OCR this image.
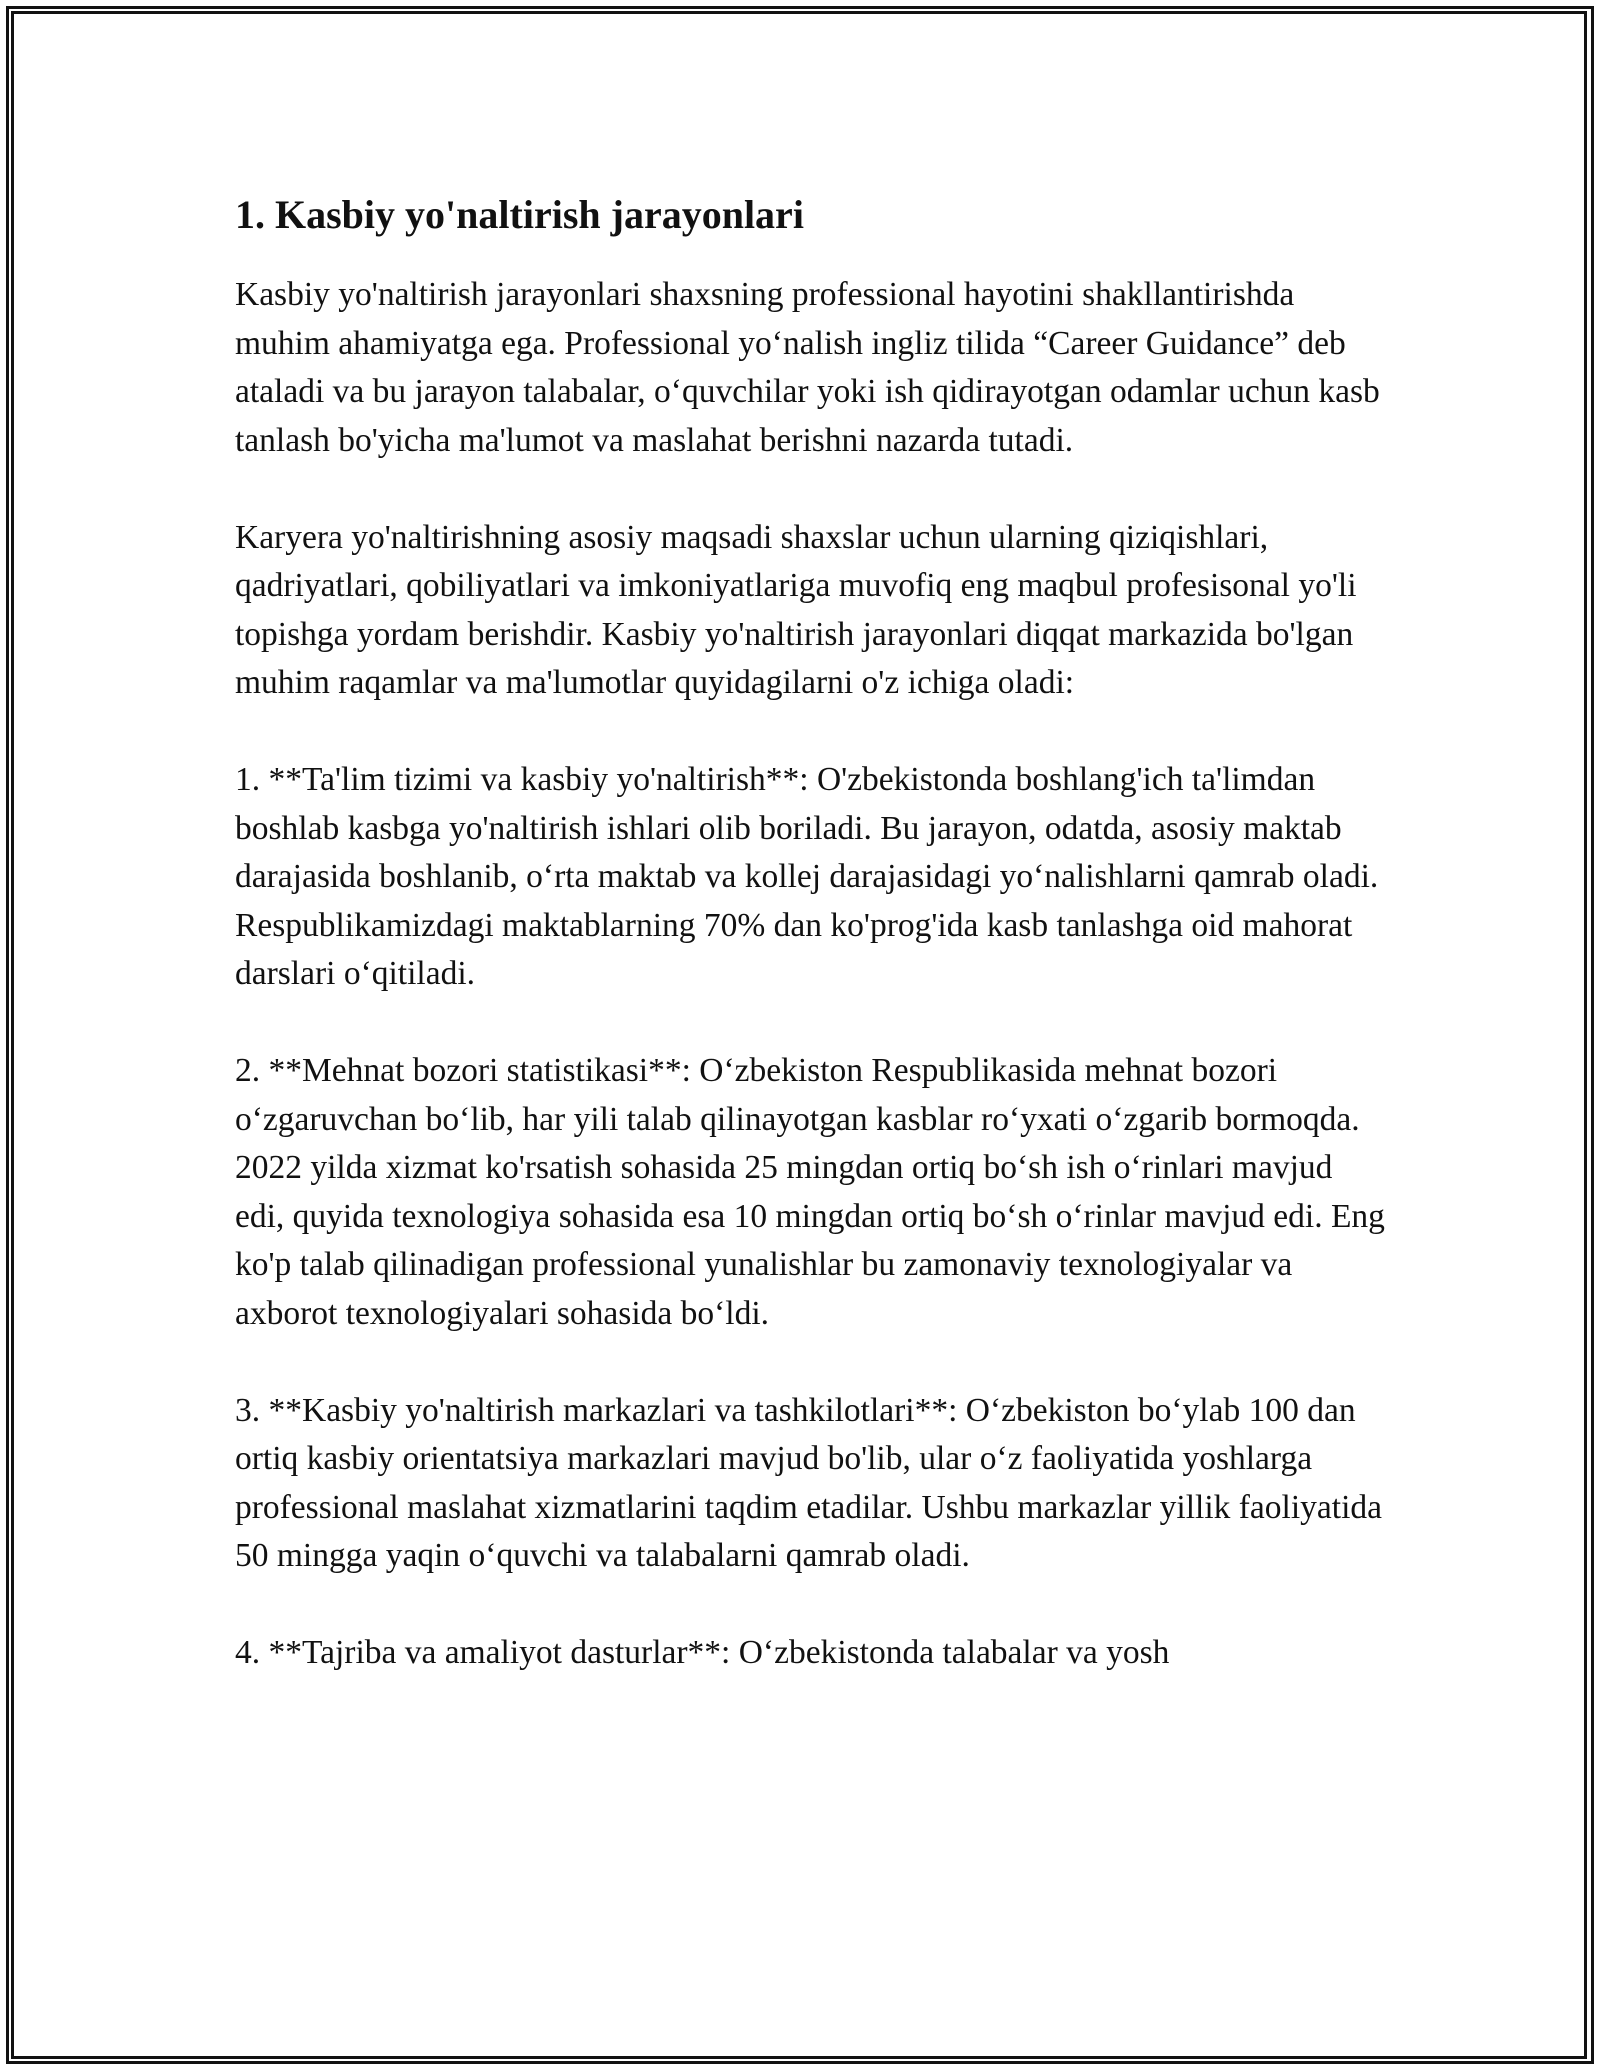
1. Kasbiy yo'naltirish jarayonlari

Kasbiy yo'naltirish jarayonlari shaxsning professional hayotini shakllantirishda muhim ahamiyatga ega. Professional yo‘nalish ingliz tilida “Career Guidance” deb ataladi va bu jarayon talabalar, o‘quvchilar yoki ish qidirayotgan odamlar uchun kasb tanlash bo'yicha ma'lumot va maslahat berishni nazarda tutadi.

Karyera yo'naltirishning asosiy maqsadi shaxslar uchun ularning qiziqishlari, qadriyatlari, qobiliyatlari va imkoniyatlariga muvofiq eng maqbul profesisonal yo'li topishga yordam berishdir. Kasbiy yo'naltirish jarayonlari diqqat markazida bo'lgan muhim raqamlar va ma'lumotlar quyidagilarni o'z ichiga oladi:

1. **Ta'lim tizimi va kasbiy yo'naltirish**: O'zbekistonda boshlang'ich ta'limdan boshlab kasbga yo'naltirish ishlari olib boriladi. Bu jarayon, odatda, asosiy maktab darajasida boshlanib, o‘rta maktab va kollej darajasidagi yo‘nalishlarni qamrab oladi. Respublikamizdagi maktablarning 70% dan ko'prog'ida kasb tanlashga oid mahorat darslari o‘qitiladi.

2. **Mehnat bozori statistikasi**: O‘zbekiston Respublikasida mehnat bozori o‘zgaruvchan bo‘lib, har yili talab qilinayotgan kasblar ro‘yxati o‘zgarib bormoqda. 2022 yilda xizmat ko'rsatish sohasida 25 mingdan ortiq bo‘sh ish o‘rinlari mavjud edi, quyida texnologiya sohasida esa 10 mingdan ortiq bo‘sh o‘rinlar mavjud edi. Eng ko'p talab qilinadigan professional yunalishlar bu zamonaviy texnologiyalar va axborot texnologiyalari sohasida bo‘ldi.

3. **Kasbiy yo'naltirish markazlari va tashkilotlari**: O‘zbekiston bo‘ylab 100 dan ortiq kasbiy orientatsiya markazlari mavjud bo'lib, ular o‘z faoliyatida yoshlarga professional maslahat xizmatlarini taqdim etadilar. Ushbu markazlar yillik faoliyatida 50 mingga yaqin o‘quvchi va talabalarni qamrab oladi.

4. **Tajriba va amaliyot dasturlar**: O‘zbekistonda talabalar va yosh
